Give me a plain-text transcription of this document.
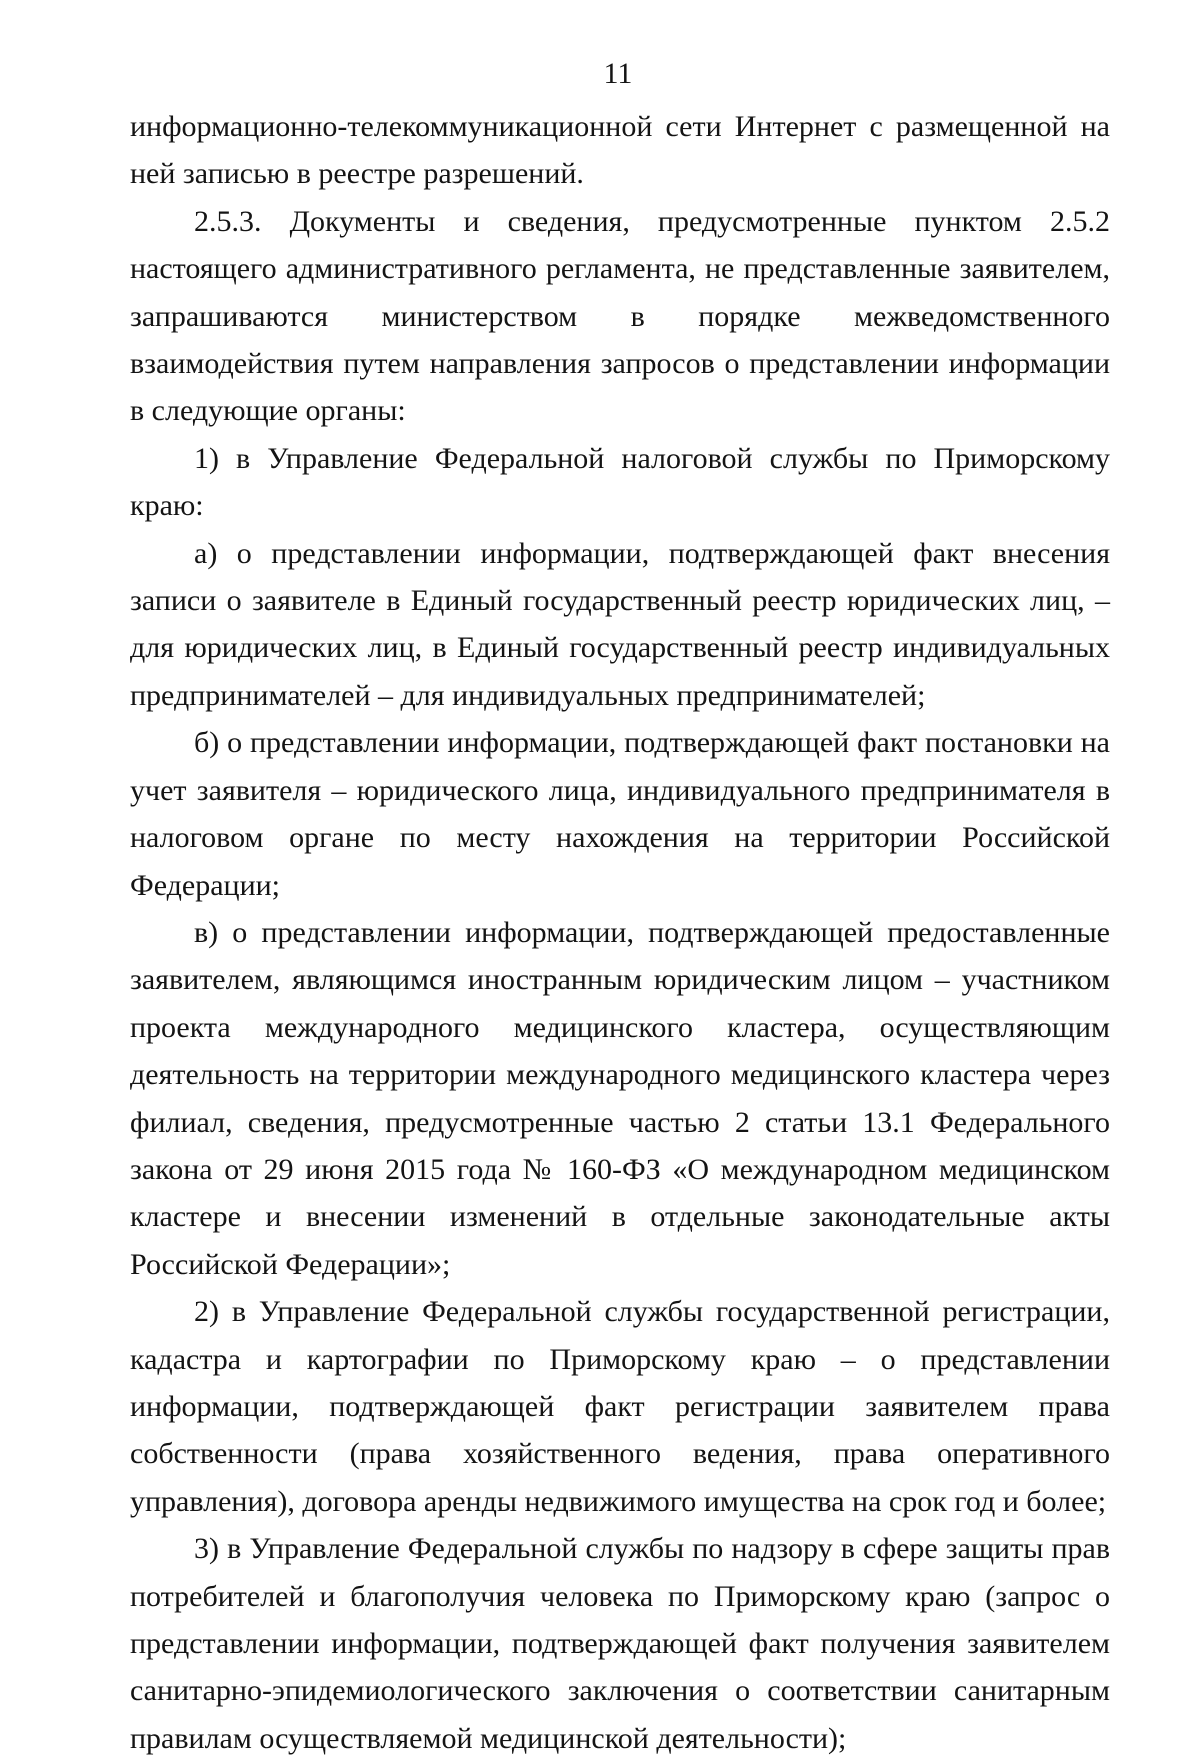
11

информационно-телекоммуникационной сети Интернет с размещенной на ней записью в реестре разрешений.

2.5.3. Документы и сведения, предусмотренные пунктом 2.5.2 настоящего административного регламента, не представленные заявителем, запрашиваются министерством в порядке межведомственного взаимодействия путем направления запросов о представлении информации в следующие органы:

1) в Управление Федеральной налоговой службы по Приморскому краю:

а) о представлении информации, подтверждающей факт внесения записи о заявителе в Единый государственный реестр юридических лиц, – для юридических лиц, в Единый государственный реестр индивидуальных предпринимателей – для индивидуальных предпринимателей;

б) о представлении информации, подтверждающей факт постановки на учет заявителя – юридического лица, индивидуального предпринимателя в налоговом органе по месту нахождения на территории Российской Федерации;

в) о представлении информации, подтверждающей предоставленные заявителем, являющимся иностранным юридическим лицом – участником проекта международного медицинского кластера, осуществляющим деятельность на территории международного медицинского кластера через филиал, сведения, предусмотренные частью 2 статьи 13.1 Федерального закона от 29 июня 2015 года № 160-ФЗ «О международном медицинском кластере и внесении изменений в отдельные законодательные акты Российской Федерации»;

2) в Управление Федеральной службы государственной регистрации, кадастра и картографии по Приморскому краю – о представлении информации, подтверждающей факт регистрации заявителем права собственности (права хозяйственного ведения, права оперативного управления), договора аренды недвижимого имущества на срок год и более;

3) в Управление Федеральной службы по надзору в сфере защиты прав потребителей и благополучия человека по Приморскому краю (запрос о представлении информации, подтверждающей факт получения заявителем санитарно-эпидемиологического заключения о соответствии санитарным правилам осуществляемой медицинской деятельности);
